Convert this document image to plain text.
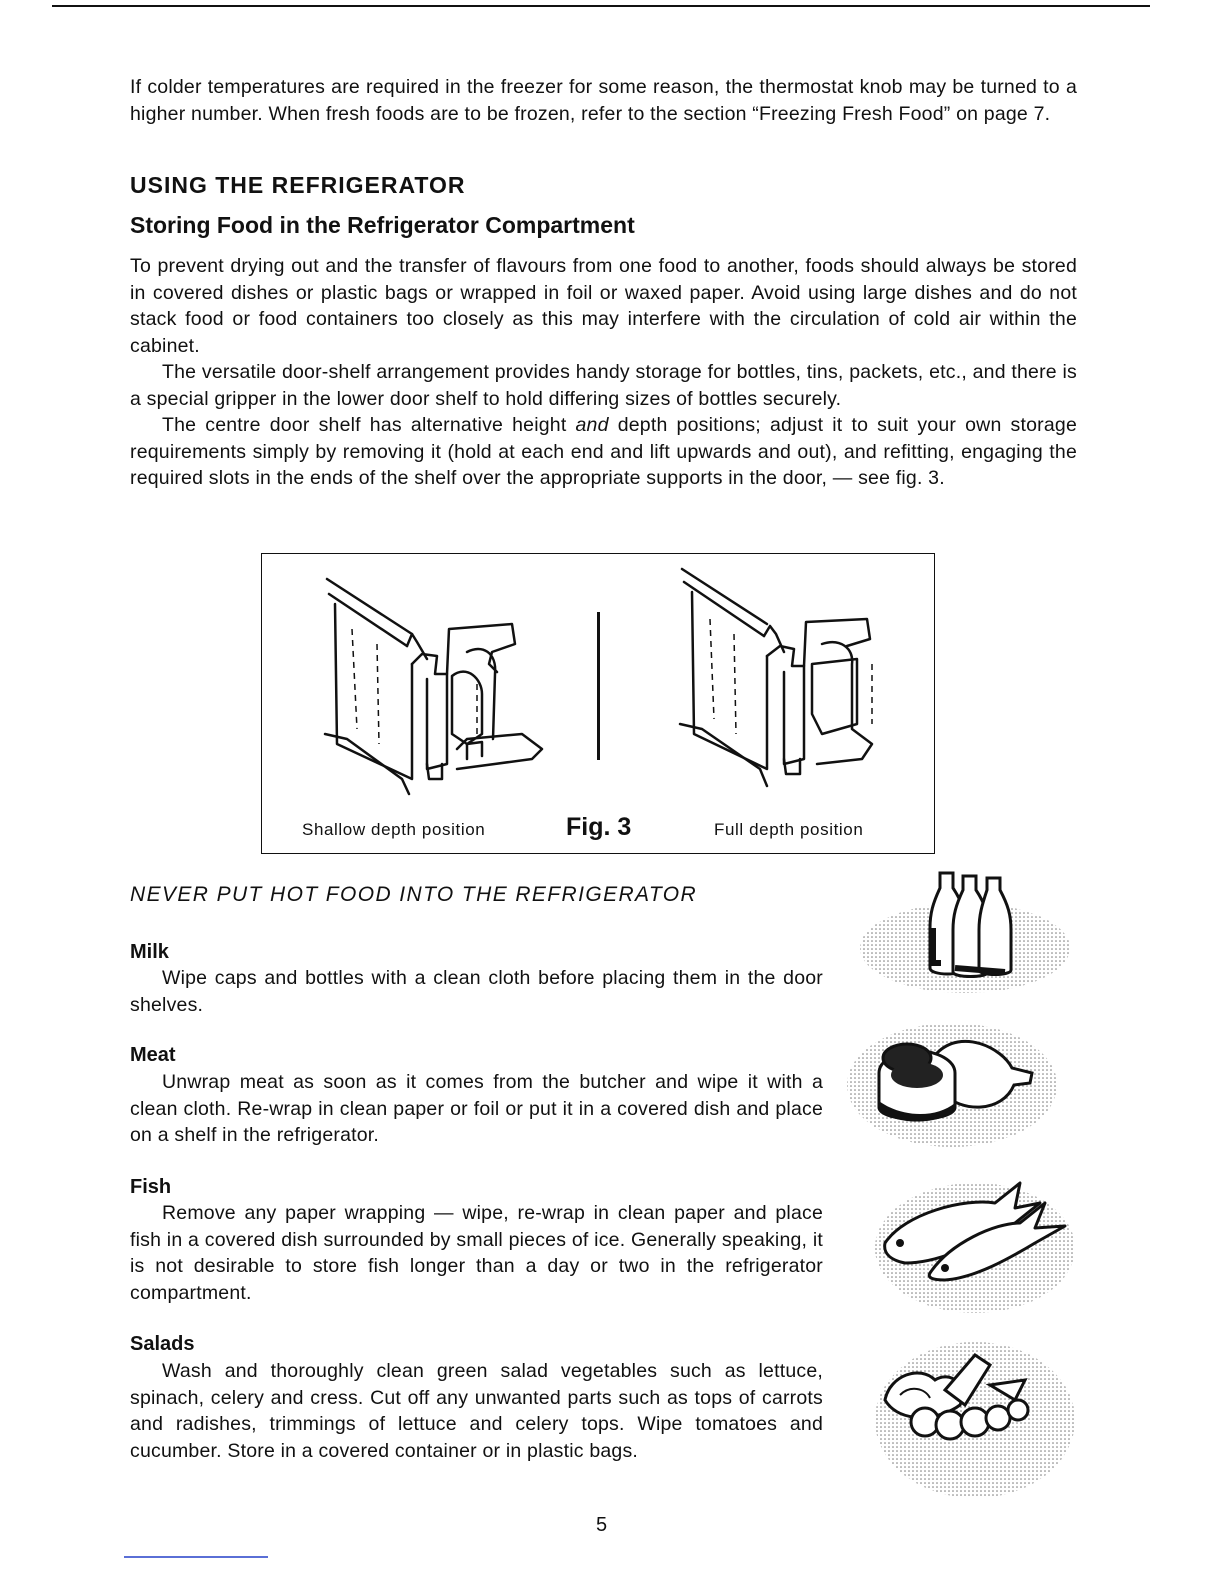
If colder temperatures are required in the freezer for some reason, the thermostat knob may be turned to a higher number. When fresh foods are to be frozen, refer to the section “Freezing Fresh Food” on page 7.

USING THE REFRIGERATOR
Storing Food in the Refrigerator Compartment

To prevent drying out and the transfer of flavours from one food to another, foods should always be stored in covered dishes or plastic bags or wrapped in foil or waxed paper. Avoid using large dishes and do not stack food or food containers too closely as this may interfere with the circulation of cold air within the cabinet.

The versatile door-shelf arrangement provides handy storage for bottles, tins, packets, etc., and there is a special gripper in the lower door shelf to hold differing sizes of bottles securely.

The centre door shelf has alternative height and depth positions; adjust it to suit your own storage requirements simply by removing it (hold at each end and lift upwards and out), and refitting, engaging the required slots in the ends of the shelf over the appropriate supports in the door, — see fig. 3.

Shallow depth position	Fig. 3	Full depth position
NEVER PUT HOT FOOD INTO THE REFRIGERATOR
Milk

Wipe caps and bottles with a clean cloth before placing them in the door shelves.

Meat

Unwrap meat as soon as it comes from the butcher and wipe it with a clean cloth. Re-wrap in clean paper or foil or put it in a covered dish and place on a shelf in the refrigerator.

Fish

Remove any paper wrapping — wipe, re-wrap in clean paper and place fish in a covered dish surrounded by small pieces of ice. Generally speaking, it is not desirable to store fish longer than a day or two in the refrigerator compartment.

Salads

Wash and thoroughly clean green salad vegetables such as lettuce, spinach, celery and cress. Cut off any unwanted parts such as tops of carrots and radishes, trimmings of lettuce and celery tops. Wipe tomatoes and cucumber. Store in a covered container or in plastic bags.

5
